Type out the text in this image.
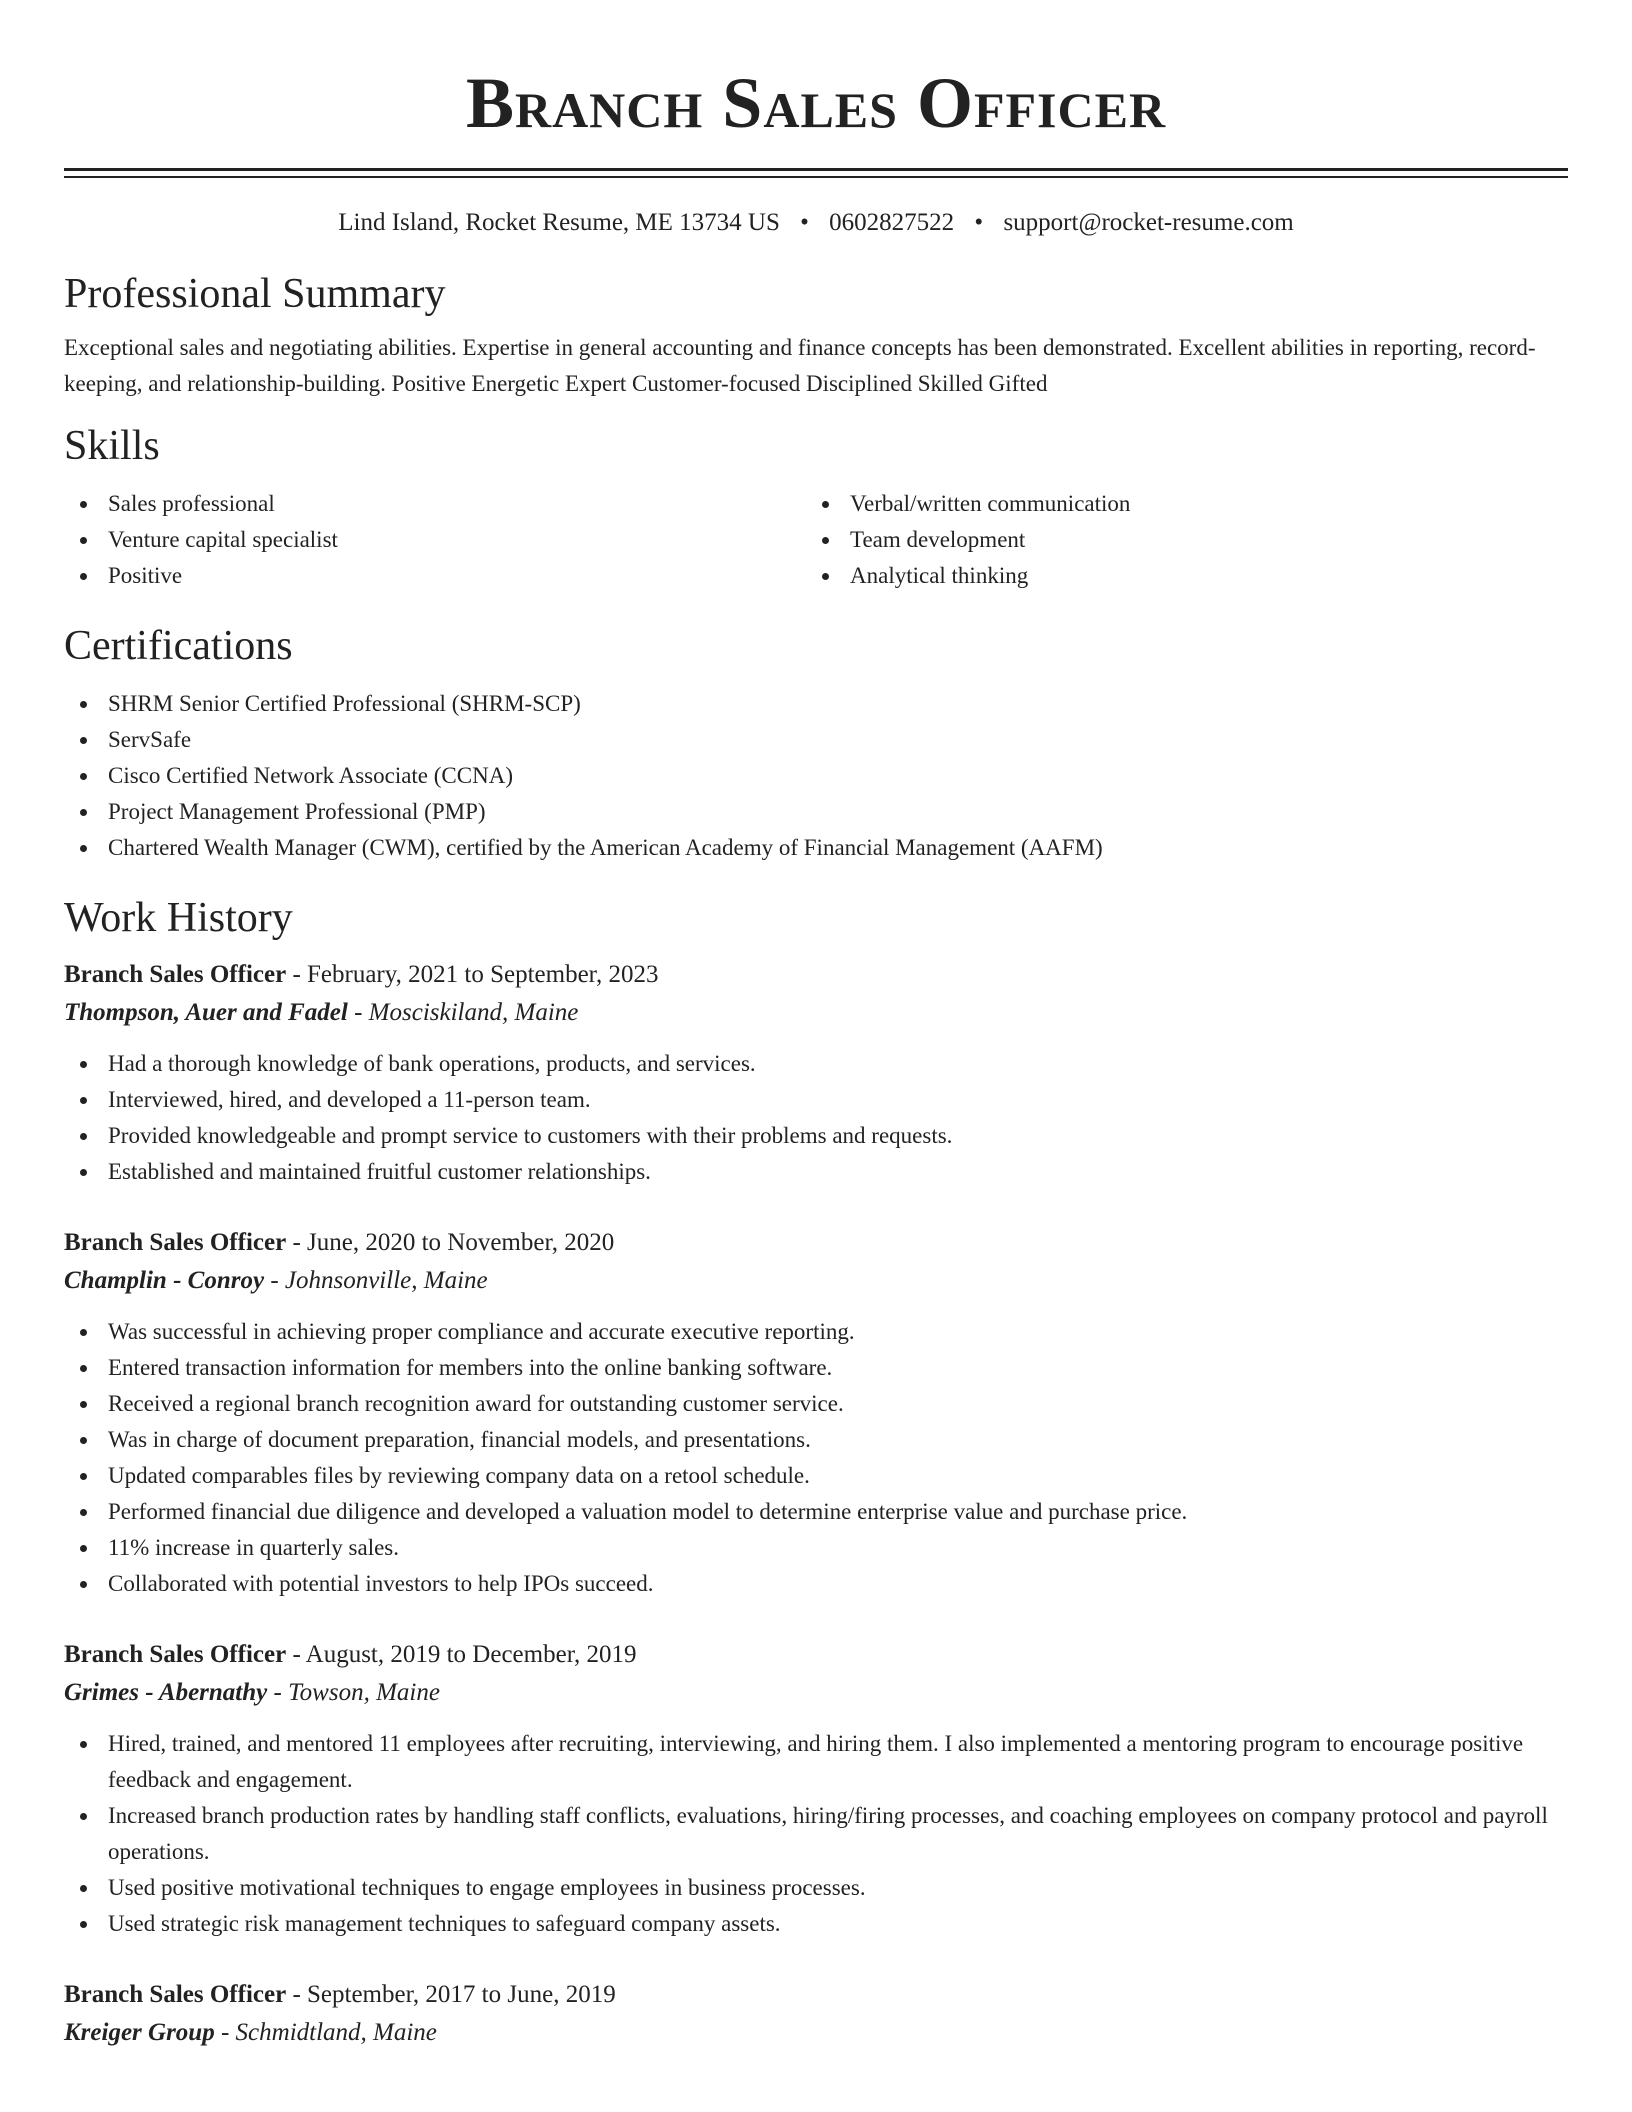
Branch Sales Officer
Lind Island, Rocket Resume, ME 13734 US • 0602827522 • support@rocket-resume.com
Professional Summary

Exceptional sales and negotiating abilities. Expertise in general accounting and finance concepts has been demonstrated. Excellent abilities in reporting, record-keeping, and relationship-building. Positive Energetic Expert Customer-focused Disciplined Skilled Gifted

Skills
Sales professional
Venture capital specialist
Positive
Verbal/written communication
Team development
Analytical thinking
Certifications
SHRM Senior Certified Professional (SHRM-SCP)
ServSafe
Cisco Certified Network Associate (CCNA)
Project Management Professional (PMP)
Chartered Wealth Manager (CWM), certified by the American Academy of Financial Management (AAFM)
Work History
Branch Sales Officer - February, 2021 to September, 2023
Thompson, Auer and Fadel - Mosciskiland, Maine
Had a thorough knowledge of bank operations, products, and services.
Interviewed, hired, and developed a 11-person team.
Provided knowledgeable and prompt service to customers with their problems and requests.
Established and maintained fruitful customer relationships.
Branch Sales Officer - June, 2020 to November, 2020
Champlin - Conroy - Johnsonville, Maine
Was successful in achieving proper compliance and accurate executive reporting.
Entered transaction information for members into the online banking software.
Received a regional branch recognition award for outstanding customer service.
Was in charge of document preparation, financial models, and presentations.
Updated comparables files by reviewing company data on a retool schedule.
Performed financial due diligence and developed a valuation model to determine enterprise value and purchase price.
11% increase in quarterly sales.
Collaborated with potential investors to help IPOs succeed.
Branch Sales Officer - August, 2019 to December, 2019
Grimes - Abernathy - Towson, Maine
Hired, trained, and mentored 11 employees after recruiting, interviewing, and hiring them. I also implemented a mentoring program to encourage positive feedback and engagement.
Increased branch production rates by handling staff conflicts, evaluations, hiring/firing processes, and coaching employees on company protocol and payroll operations.
Used positive motivational techniques to engage employees in business processes.
Used strategic risk management techniques to safeguard company assets.
Branch Sales Officer - September, 2017 to June, 2019
Kreiger Group - Schmidtland, Maine
